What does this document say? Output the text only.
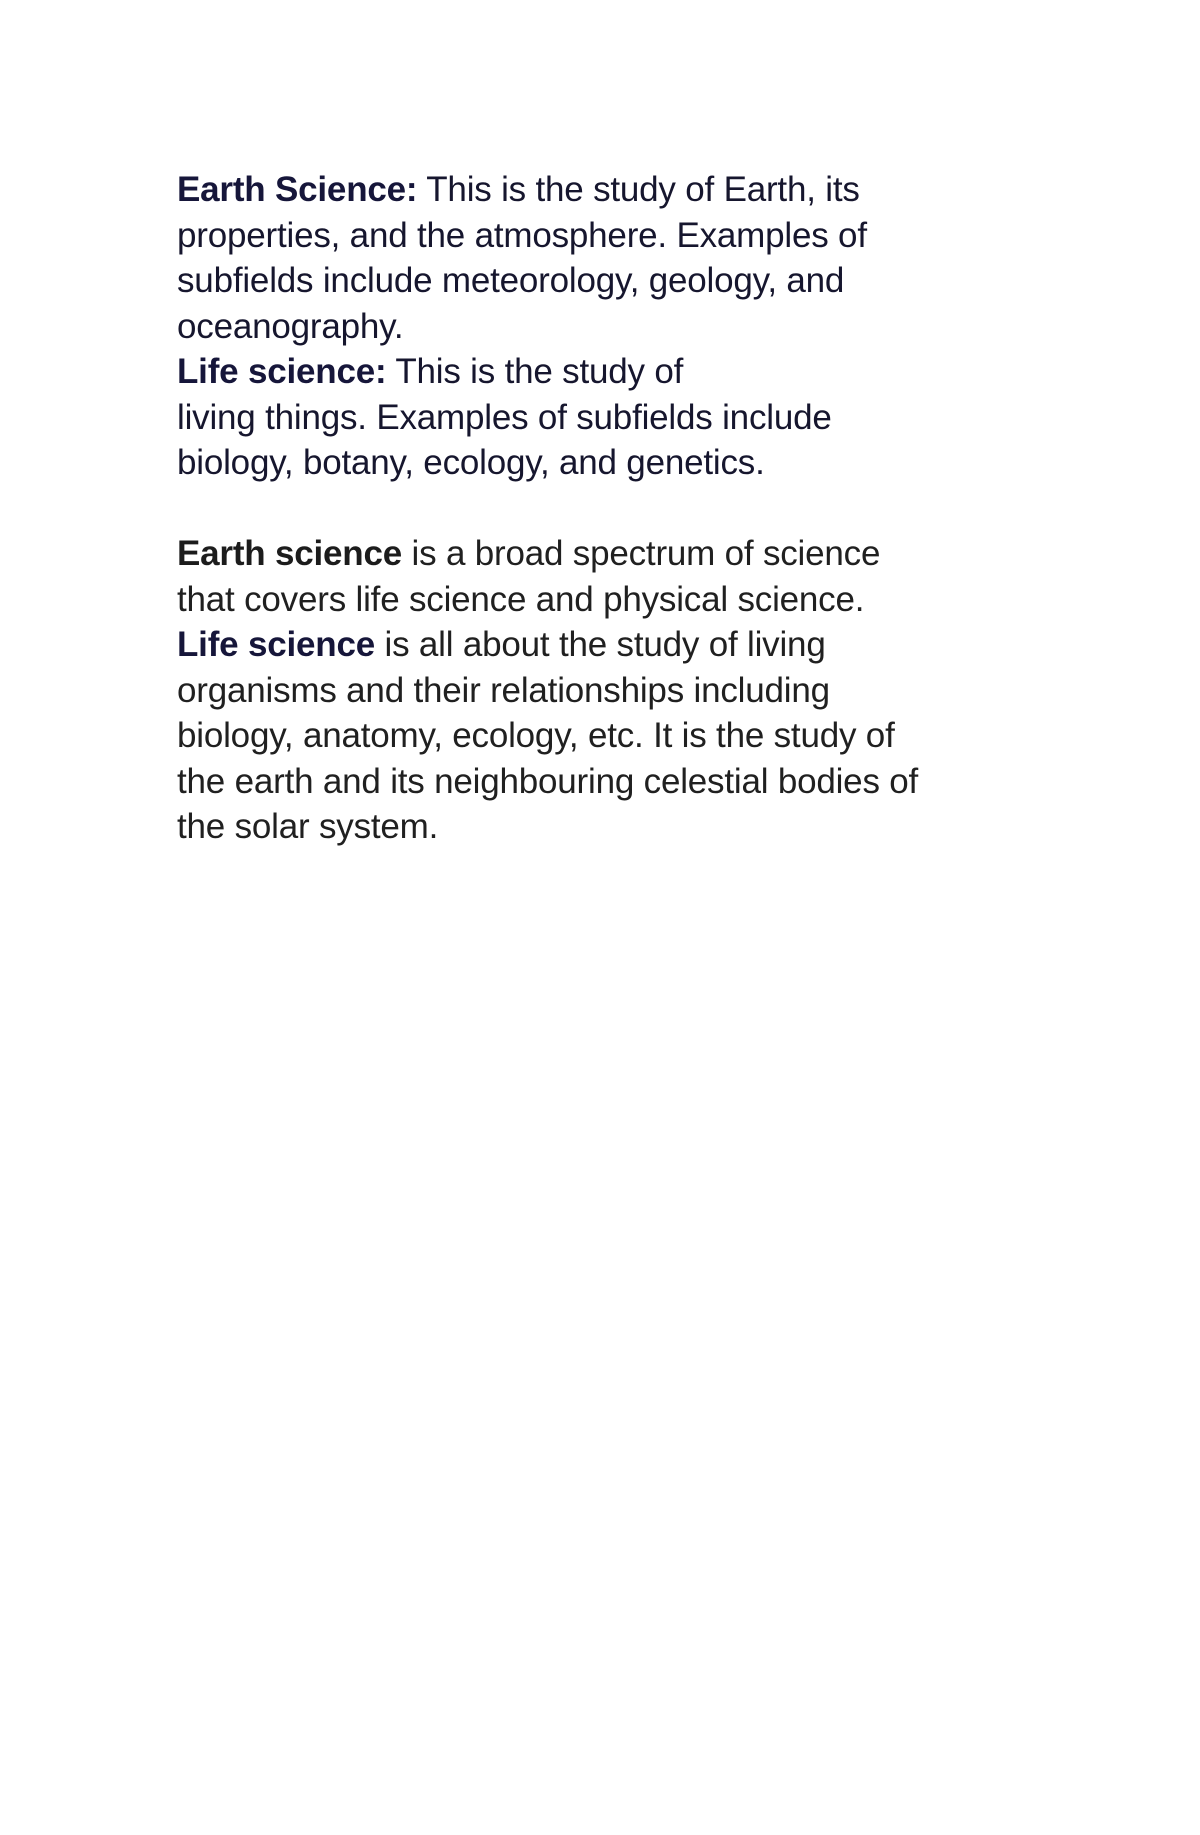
Earth Science: This is the study of Earth, its
properties, and the atmosphere. Examples of
subfields include meteorology, geology, and
oceanography.
Life science: This is the study of
living things. Examples of subfields include
biology, botany, ecology, and genetics.
Earth science is a broad spectrum of science
that covers life science and physical science.
Life science is all about the study of living
organisms and their relationships including
biology, anatomy, ecology, etc. It is the study of
the earth and its neighbouring celestial bodies of
the solar system.
